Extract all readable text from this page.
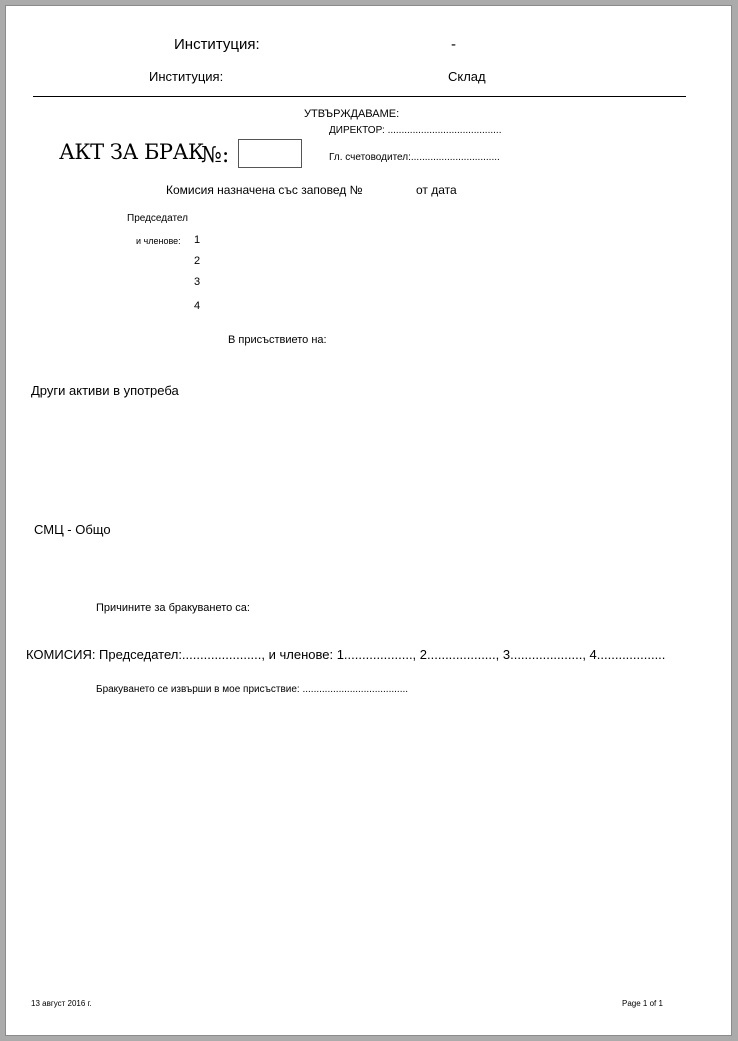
Институция:	-
Институция:	Склад
УТВЪРЖДАВАМЕ:
ДИРЕКТОР: .........................................
Гл. счетоводител:................................
АКТ ЗА БРАК
№:
Комисия назначена със заповед №	от дата
Председател
и членове: 1
2
3
4
В присъствието на:
Други активи в употреба
СМЦ - Общо
Причините за бракуването са:
КОМИСИЯ: Председател:......................, и членове: 1..................., 2..................., 3...................., 4...................
Бракуването се извърши в мое присъствие: ......................................
13 август 2016 г.	Page 1 of 1
